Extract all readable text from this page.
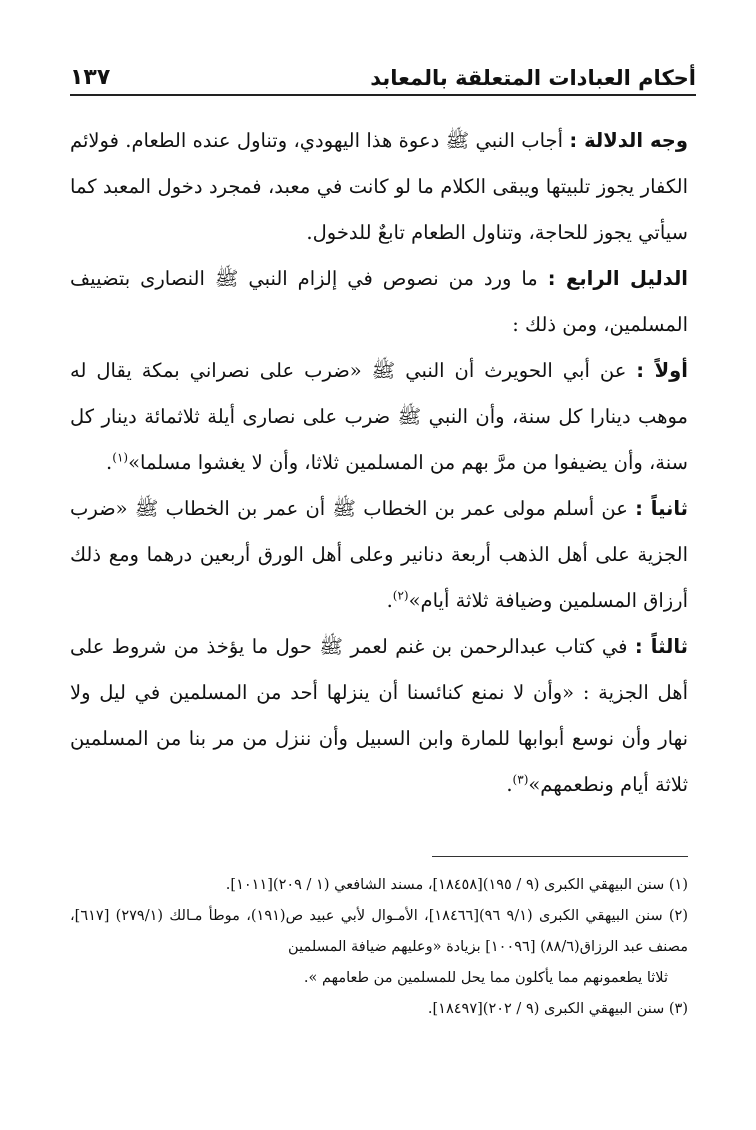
أحكام العبادات المتعلقة بالمعابد
١٣٧

وجه الدلالة : أجاب النبي ﷺ دعوة هذا اليهودي، وتناول عنده الطعام. فولائم الكفار يجوز تلبيتها ويبقى الكلام ما لو كانت في معبد، فمجرد دخول المعبد كما سيأتي يجوز للحاجة، وتناول الطعام تابعٌ للدخول.

الدليل الرابع : ما ورد من نصوص في إلزام النبي ﷺ النصارى بتضييف المسلمين، ومن ذلك :

أولاً : عن أبي الحويرث أن النبي ﷺ «ضرب على نصراني بمكة يقال له موهب دينارا كل سنة، وأن النبي ﷺ ضرب على نصارى أيلة ثلاثمائة دينار كل سنة، وأن يضيفوا من مرَّ بهم من المسلمين ثلاثا، وأن لا يغشوا مسلما»$^{(١)}$.

ثانياً : عن أسلم مولى عمر بن الخطاب ﷺ أن عمر بن الخطاب ﷺ «ضرب الجزية على أهل الذهب أربعة دنانير وعلى أهل الورق أربعين درهما ومع ذلك أرزاق المسلمين وضيافة ثلاثة أيام»$^{(٢)}$.

ثالثاً : في كتاب عبدالرحمن بن غنم لعمر ﷺ حول ما يؤخذ من شروط على أهل الجزية : «وأن لا نمنع كنائسنا أن ينزلها أحد من المسلمين في ليل ولا نهار وأن نوسع أبوابها للمارة وابن السبيل وأن ننزل من مر بنا من المسلمين ثلاثة أيام ونطعمهم»$^{(٣)}$.

(١) سنن البيهقي الكبرى (٩ / ١٩٥)[١٨٤٥٨]، مسند الشافعي (١ / ٢٠٩)[١٠١١].

(٢) سنن البيهقي الكبرى (٩/١ ٩٦)[١٨٤٦٦]، الأمـوال لأبي عبيد ص(١٩١)، موطأ مـالك (٢٧٩/١) [٦١٧]، مصنف عبد الرزاق(٨٨/٦) [١٠٠٩٦] بزيادة «وعليهم ضيافة المسلمين

ثلاثا يطعمونهم مما يأكلون مما يحل للمسلمين من طعامهم ».

(٣) سنن البيهقي الكبرى (٩ / ٢٠٢)[١٨٤٩٧].
